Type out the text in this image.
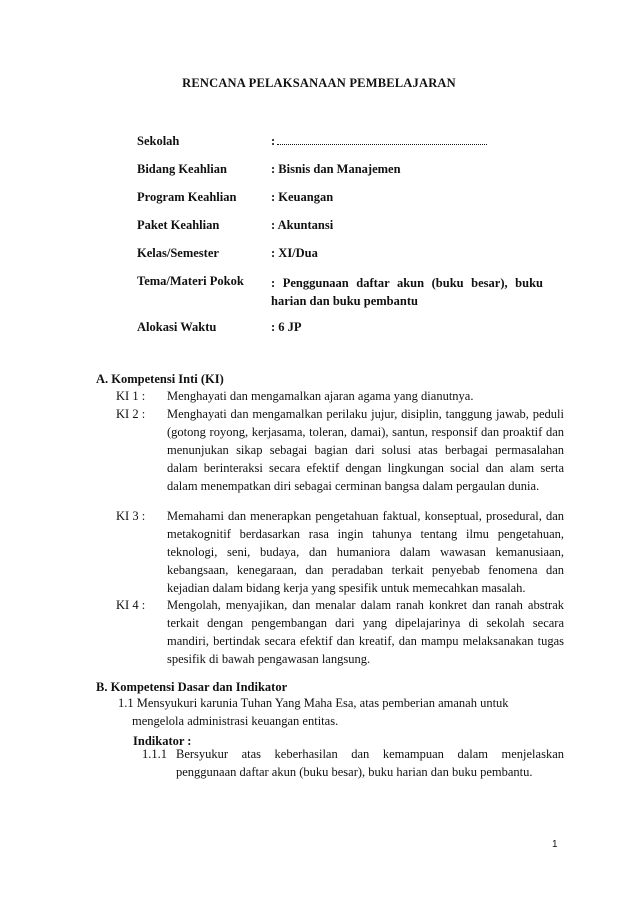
RENCANA PELAKSANAAN PEMBELAJARAN
Sekolah	:
Bidang Keahlian	: Bisnis dan Manajemen
Program Keahlian	: Keuangan
Paket Keahlian	: Akuntansi
Kelas/Semester	: XI/Dua
Tema/Materi Pokok : Penggunaan daftar akun (buku besar), buku harian dan buku pembantu
Alokasi Waktu	: 6 JP
A. Kompetensi Inti (KI)
KI 1 : Menghayati dan mengamalkan ajaran agama yang dianutnya.
KI 2 : Menghayati dan mengamalkan perilaku jujur, disiplin, tanggung jawab, peduli (gotong royong, kerjasama, toleran, damai), santun, responsif dan proaktif dan menunjukan sikap sebagai bagian dari solusi atas berbagai permasalahan dalam berinteraksi secara efektif dengan lingkungan social dan alam serta dalam menempatkan diri sebagai cerminan bangsa dalam pergaulan dunia.
KI 3 : Memahami dan menerapkan pengetahuan faktual, konseptual, prosedural, dan metakognitif berdasarkan rasa ingin tahunya tentang ilmu pengetahuan, teknologi, seni, budaya, dan humaniora dalam wawasan kemanusiaan, kebangsaan, kenegaraan, dan peradaban terkait penyebab fenomena dan kejadian dalam bidang kerja yang spesifik untuk memecahkan masalah.
KI 4 : Mengolah, menyajikan, dan menalar dalam ranah konkret dan ranah abstrak terkait dengan pengembangan dari yang dipelajarinya di sekolah secara mandiri, bertindak secara efektif dan kreatif, dan mampu melaksanakan tugas spesifik di bawah pengawasan langsung.
B. Kompetensi Dasar dan Indikator
1.1 Mensyukuri karunia Tuhan Yang Maha Esa, atas pemberian amanah untuk
mengelola administrasi keuangan entitas.
Indikator :
1.1.1 Bersyukur atas keberhasilan dan kemampuan dalam menjelaskan penggunaan daftar akun (buku besar), buku harian dan buku pembantu.
1
